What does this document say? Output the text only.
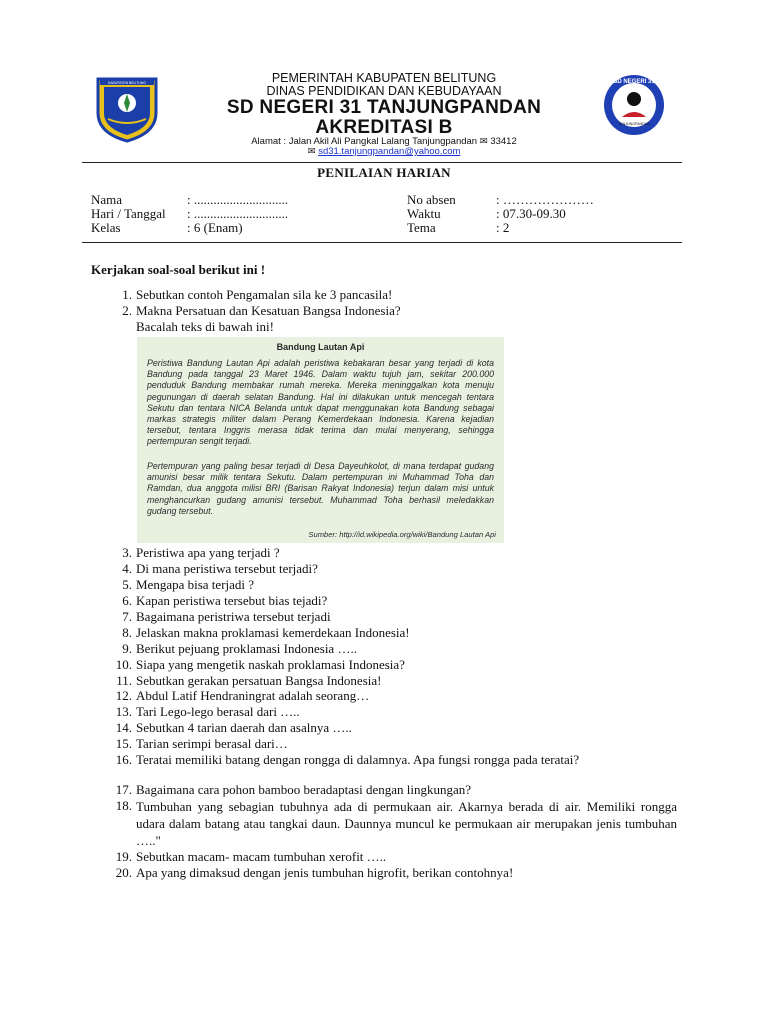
KABUPATEN BELITUNG	SD NEGERI 31
TANJUNGPANDAN
PEMERINTAH KABUPATEN BELITUNG
DINAS PENDIDIKAN DAN KEBUDAYAAN
SD NEGERI 31 TANJUNGPANDAN
AKREDITASI B
Alamat : Jalan Akil Ali Pangkal Lalang Tanjungpandan ✉ 33412
✉ sd31.tanjungpandan@yahoo.com
PENILAIAN HARIAN
Nama	: .............................
Hari / Tanggal : .............................
Kelas	: 6 (Enam)
No absen	: …………………
Waktu	: 07.30-09.30
Tema	: 2
Kerjakan soal-soal berikut ini !
1. Sebutkan contoh Pengamalan sila ke 3 pancasila!
2. Makna Persatuan dan Kesatuan Bangsa Indonesia?
Bacalah teks di bawah ini!
Bandung Lautan Api
Peristiwa Bandung Lautan Api adalah peristiwa kebakaran besar yang terjadi di kota Bandung pada tanggal 23 Maret 1946. Dalam waktu tujuh jam, sekitar 200.000 penduduk Bandung membakar rumah mereka. Mereka meninggalkan kota menuju pegunungan di daerah selatan Bandung. Hal ini dilakukan untuk mencegah tentara Sekutu dan tentara NICA Belanda untuk dapat menggunakan kota Bandung sebagai markas strategis militer dalam Perang Kemerdekaan Indonesia. Karena kejadian tersebut, tentara Inggris merasa tidak terima dan mulai menyerang, sehingga pertempuran sengit terjadi.
Pertempuran yang paling besar terjadi di Desa Dayeuhkolot, di mana terdapat gudang amunisi besar milik tentara Sekutu. Dalam pertempuran ini Muhammad Toha dan Ramdan, dua anggota milisi BRI (Barisan Rakyat Indonesia) terjun dalam misi untuk menghancurkan gudang amunisi tersebut. Muhammad Toha berhasil meledakkan gudang tersebut.
Sumber: http://id.wikipedia.org/wiki/Bandung Lautan Api
3. Peristiwa apa yang terjadi ?
4. Di mana peristiwa tersebut terjadi?
5. Mengapa bisa terjadi ?
6. Kapan peristiwa tersebut bias tejadi?
7. Bagaimana peristriwa tersebut terjadi
8. Jelaskan makna proklamasi kemerdekaan Indonesia!
9. Berikut pejuang proklamasi Indonesia …..
10. Siapa yang mengetik naskah proklamasi Indonesia?
11. Sebutkan gerakan persatuan Bangsa Indonesia!
12. Abdul Latif Hendraningrat adalah seorang…
13. Tari Lego-lego berasal dari …..
14. Sebutkan 4 tarian daerah dan asalnya …..
15. Tarian serimpi berasal dari…
16. Teratai memiliki batang dengan rongga di dalamnya. Apa fungsi rongga pada teratai?
17. Bagaimana cara pohon bamboo beradaptasi dengan lingkungan?
18. Tumbuhan yang sebagian tubuhnya ada di permukaan air. Akarnya berada di air. Memiliki rongga udara dalam batang atau tangkai daun. Daunnya muncul ke permukaan air merupakan jenis tumbuhan ….."
19. Sebutkan macam- macam tumbuhan xerofit …..
20. Apa yang dimaksud dengan jenis tumbuhan higrofit, berikan contohnya!
